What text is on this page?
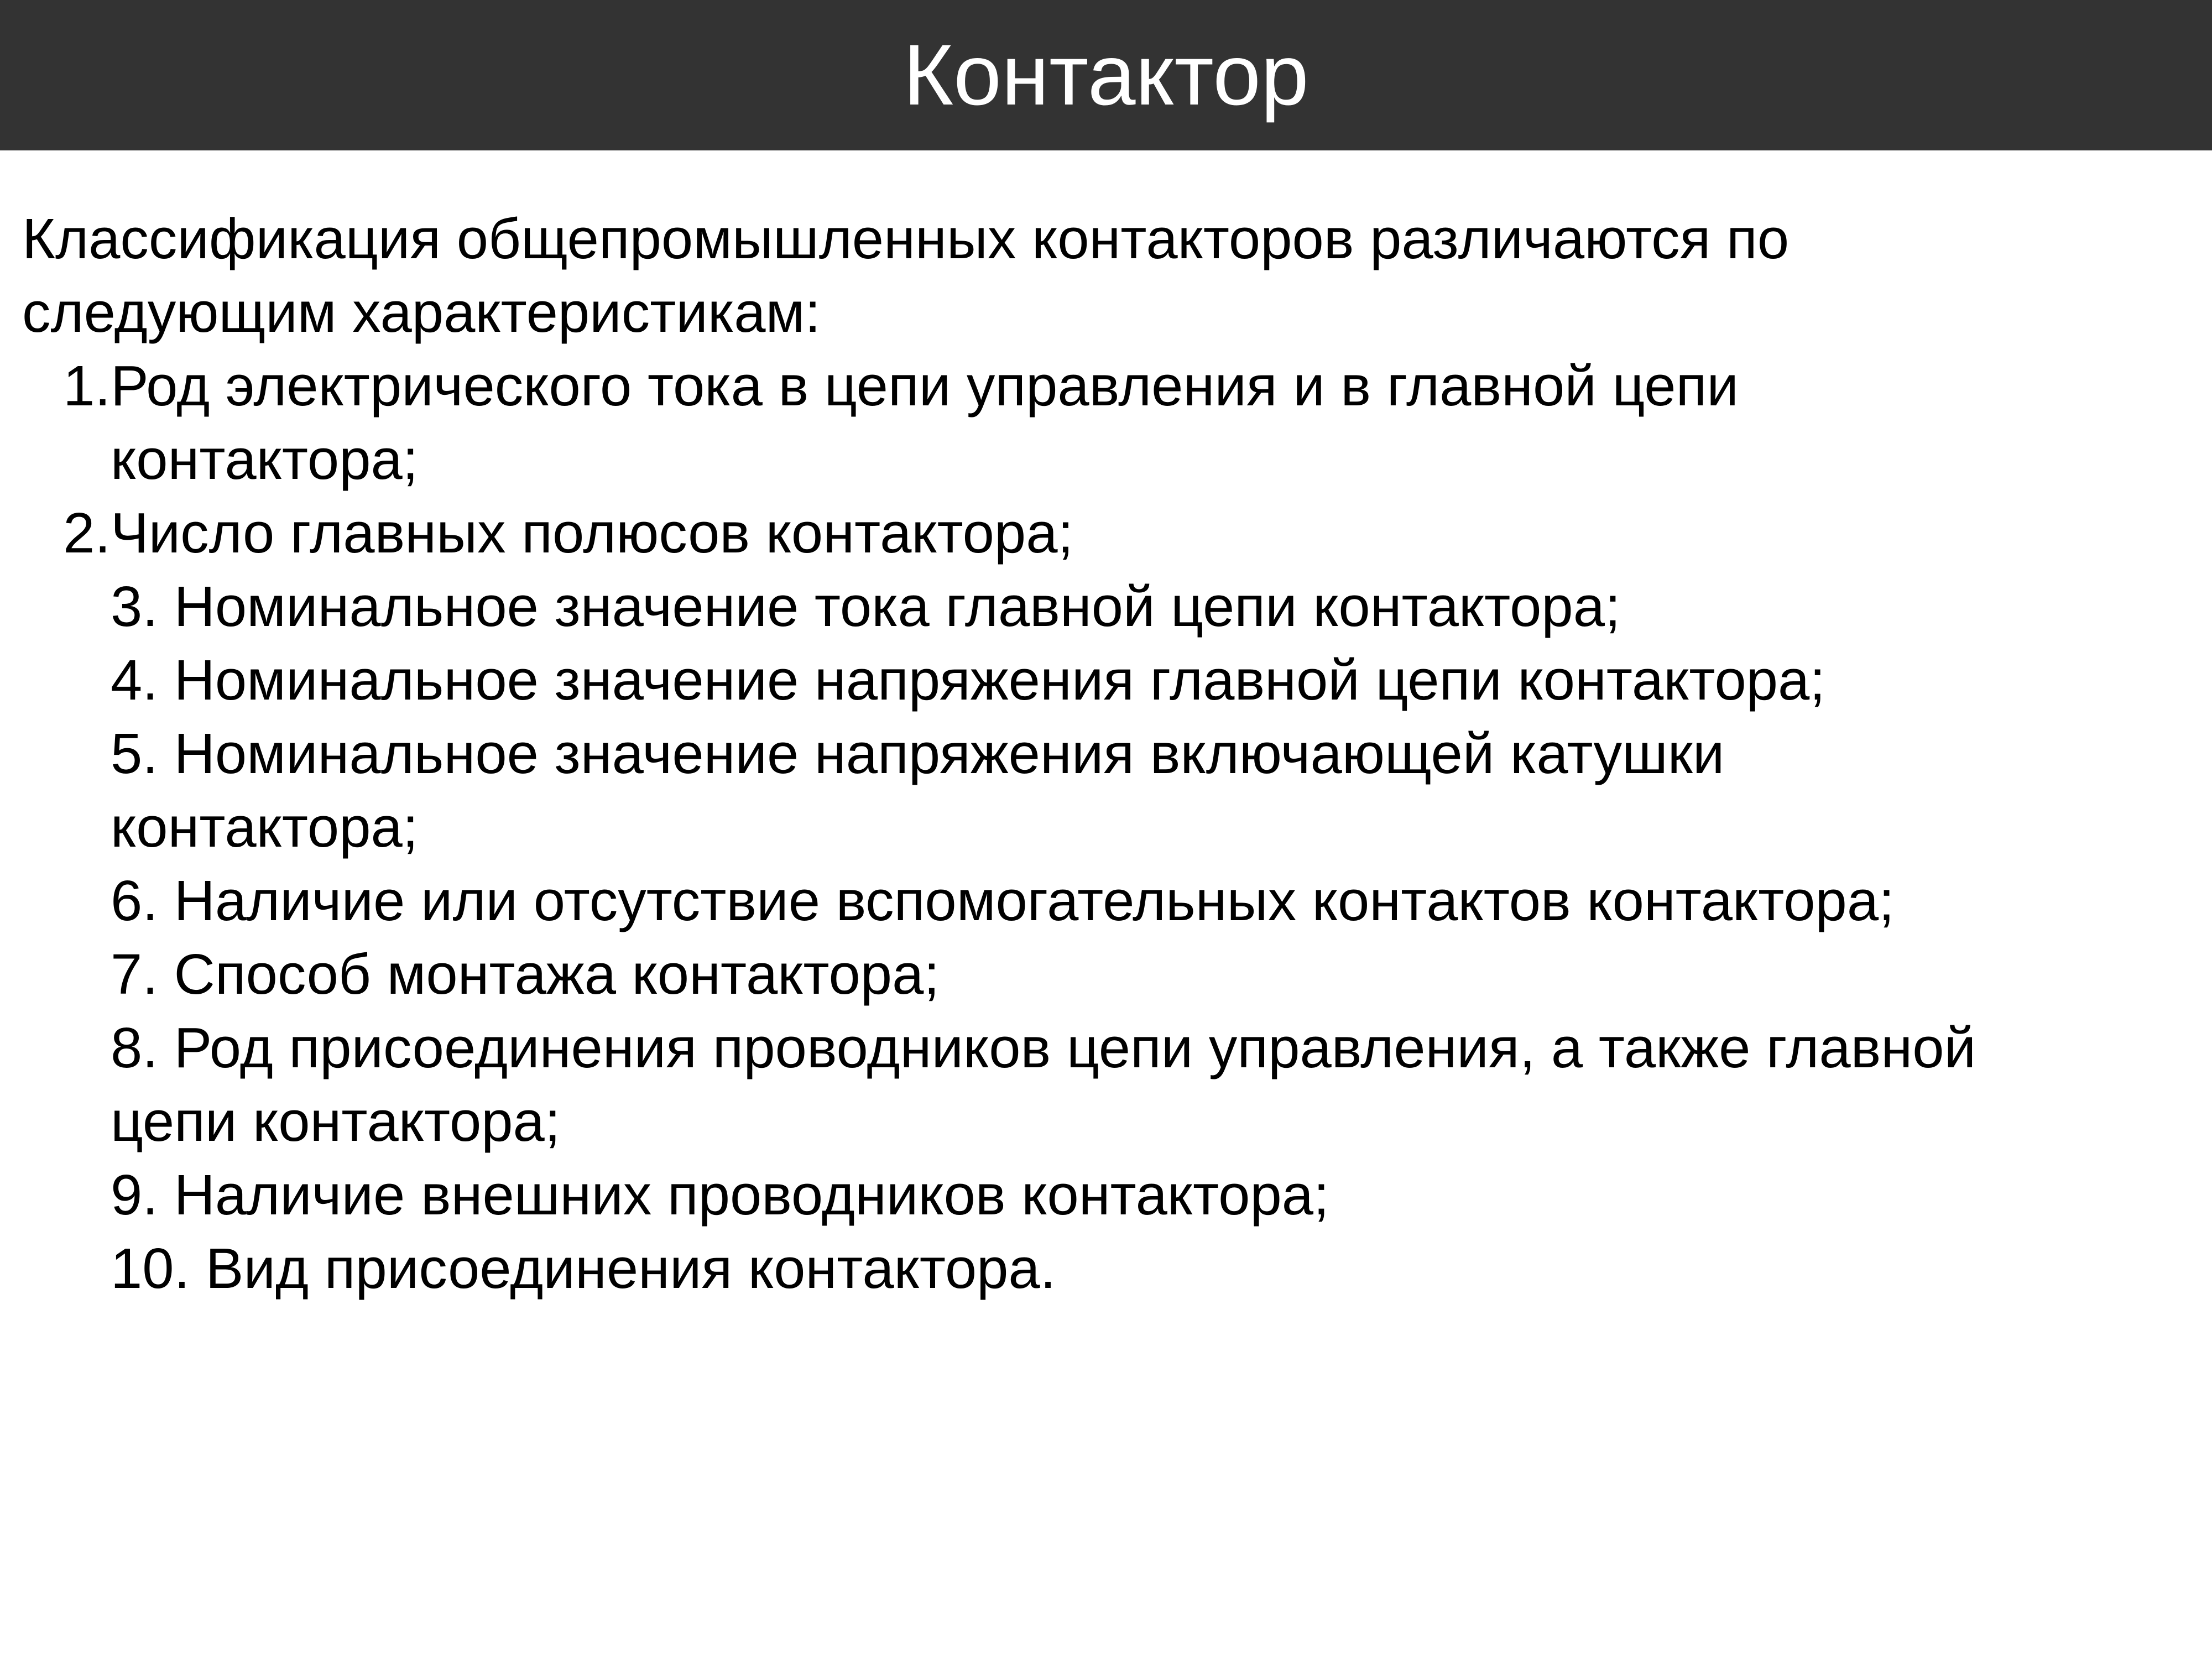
Контактор
Классификация общепромышленных контакторов различаются по
следующим характеристикам:
1.Род электрического тока в цепи управления и в главной цепи
контактора;
2.Число главных полюсов контактора;
3. Номинальное значение тока главной цепи контактора;
4. Номинальное значение напряжения главной цепи контактора;
5. Номинальное значение напряжения включающей катушки
контактора;
6. Наличие или отсутствие вспомогательных контактов контактора;
7. Способ монтажа контактора;
8. Род присоединения проводников цепи управления, а также главной
цепи контактора;
9. Наличие внешних проводников контактора;
10. Вид присоединения контактора.
